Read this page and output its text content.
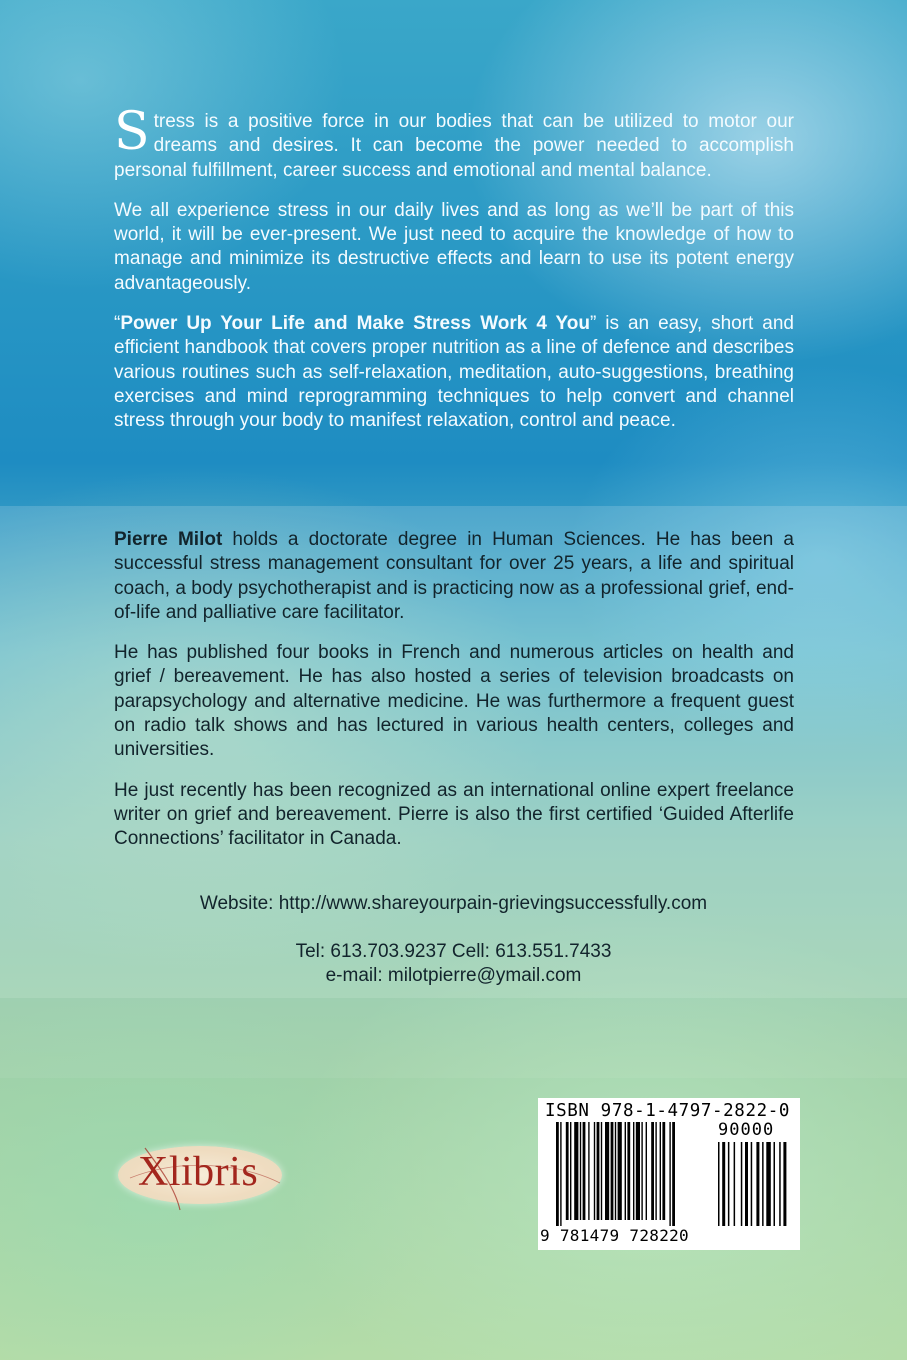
Stress is a positive force in our bodies that can be utilized to motor our dreams and desires. It can become the power needed to accomplish personal fulfillment, career success and emotional and mental balance.

We all experience stress in our daily lives and as long as we’ll be part of this world, it will be ever-present. We just need to acquire the knowledge of how to manage and minimize its destructive effects and learn to use its potent energy advantageously.

“Power Up Your Life and Make Stress Work 4 You” is an easy, short and efficient handbook that covers proper nutrition as a line of defence and describes various routines such as self-relaxation, meditation, auto-suggestions, breathing exercises and mind reprogramming techniques to help convert and channel stress through your body to manifest relaxation, control and peace.

Pierre Milot holds a doctorate degree in Human Sciences. He has been a successful stress management consultant for over 25 years, a life and spiritual coach, a body psychotherapist and is practicing now as a professional grief, end-of-life and palliative care facilitator.

He has published four books in French and numerous articles on health and grief / bereavement. He has also hosted a series of television broadcasts on parapsychology and alternative medicine. He was furthermore a frequent guest on radio talk shows and has lectured in various health centers, colleges and universities.

He just recently has been recognized as an international online expert freelance writer on grief and bereavement. Pierre is also the first certified ‘Guided Afterlife Connections’ facilitator in Canada.

Website: http://www.shareyourpain-grievingsuccessfully.com
Tel: 613.703.9237 Cell: 613.551.7433
e-mail: milotpierre@ymail.com
Xlibris
ISBN 978-1-4797-2822-0
90000
9 781479 728220
